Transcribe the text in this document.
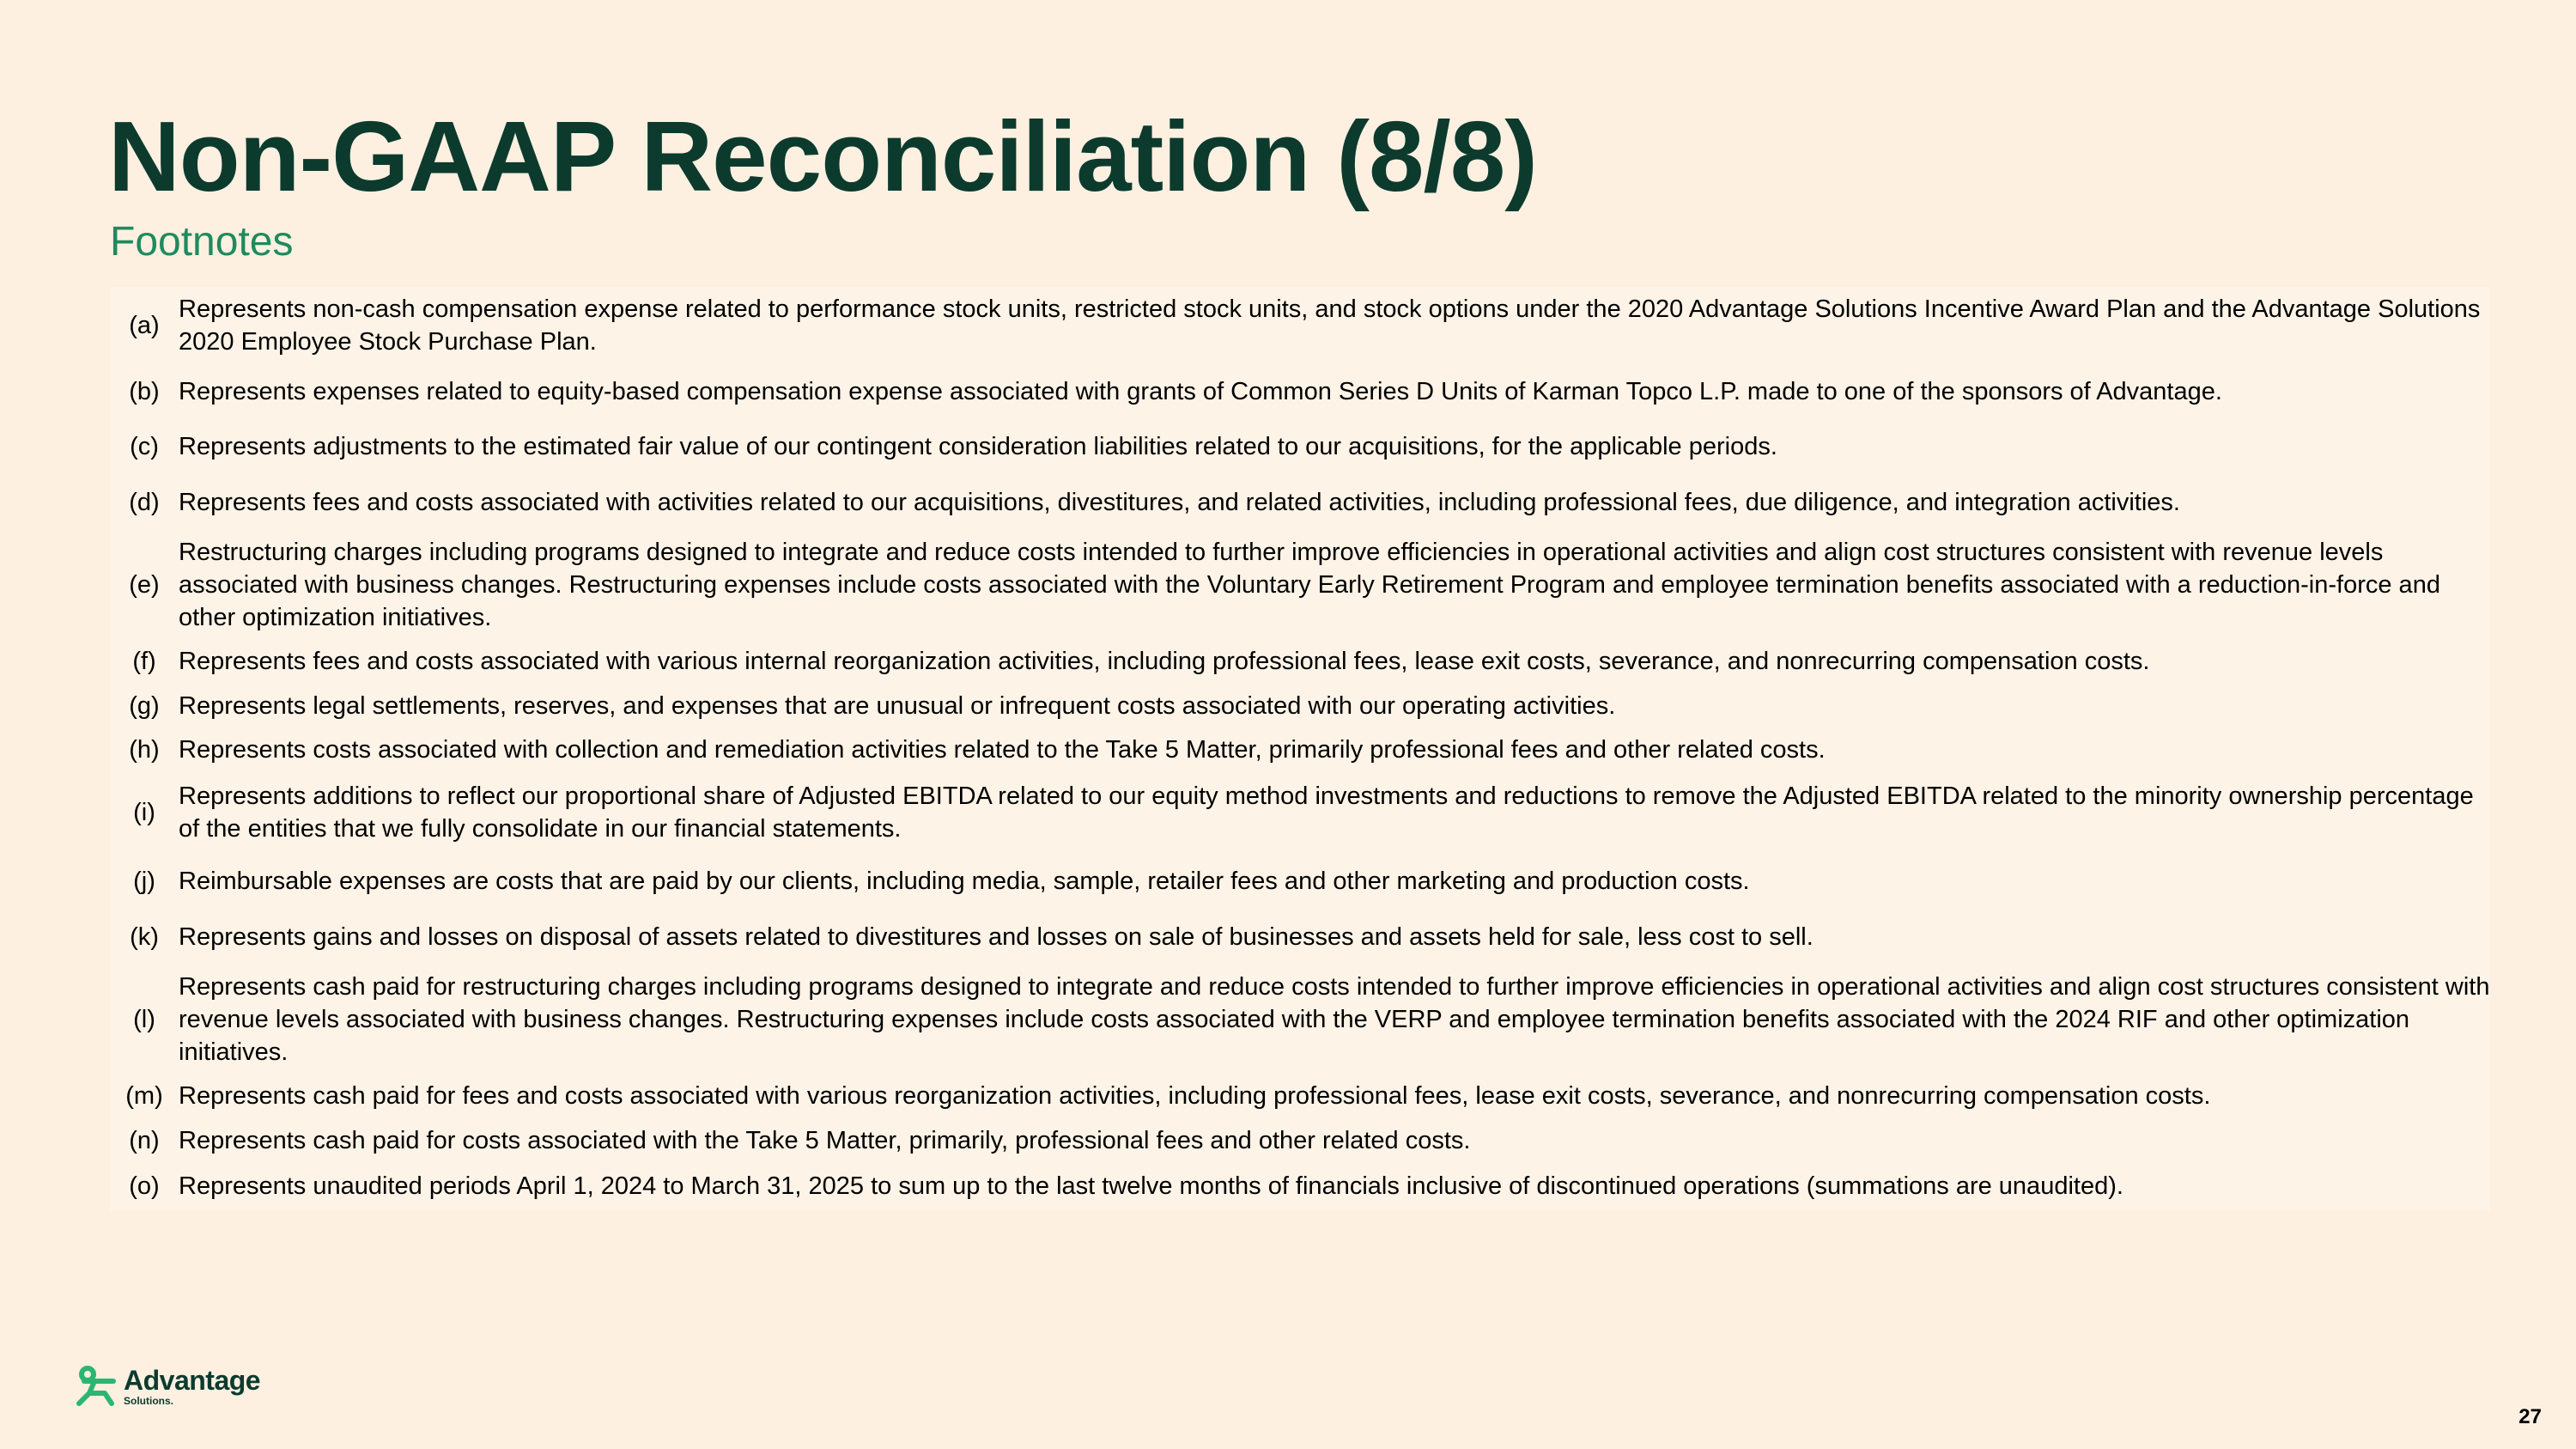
Non-GAAP Reconciliation (8/8)
Footnotes
(a)
Represents non-cash compensation expense related to performance stock units, restricted stock units, and stock options under the 2020 Advantage Solutions Incentive Award Plan and the Advantage Solutions 2020 Employee Stock Purchase Plan.
(b) Represents expenses related to equity-based compensation expense associated with grants of Common Series D Units of Karman Topco L.P. made to one of the sponsors of Advantage.
(c) Represents adjustments to the estimated fair value of our contingent consideration liabilities related to our acquisitions, for the applicable periods.
(d) Represents fees and costs associated with activities related to our acquisitions, divestitures, and related activities, including professional fees, due diligence, and integration activities.
(e)
Restructuring charges including programs designed to integrate and reduce costs intended to further improve efficiencies in operational activities and align cost structures consistent with revenue levels associated with business changes. Restructuring expenses include costs associated with the Voluntary Early Retirement Program and employee termination benefits associated with a reduction-in-force and other optimization initiatives.
(f) Represents fees and costs associated with various internal reorganization activities, including professional fees, lease exit costs, severance, and nonrecurring compensation costs.
(g) Represents legal settlements, reserves, and expenses that are unusual or infrequent costs associated with our operating activities.
(h) Represents costs associated with collection and remediation activities related to the Take 5 Matter, primarily professional fees and other related costs.
(i)
Represents additions to reflect our proportional share of Adjusted EBITDA related to our equity method investments and reductions to remove the Adjusted EBITDA related to the minority ownership percentage of the entities that we fully consolidate in our financial statements.
(j) Reimbursable expenses are costs that are paid by our clients, including media, sample, retailer fees and other marketing and production costs.
(k) Represents gains and losses on disposal of assets related to divestitures and losses on sale of businesses and assets held for sale, less cost to sell.
(l)
Represents cash paid for restructuring charges including programs designed to integrate and reduce costs intended to further improve efficiencies in operational activities and align cost structures consistent with revenue levels associated with business changes. Restructuring expenses include costs associated with the VERP and employee termination benefits associated with the 2024 RIF and other optimization initiatives.
(m) Represents cash paid for fees and costs associated with various reorganization activities, including professional fees, lease exit costs, severance, and nonrecurring compensation costs.
(n) Represents cash paid for costs associated with the Take 5 Matter, primarily, professional fees and other related costs.
(o) Represents unaudited periods April 1, 2024 to March 31, 2025 to sum up to the last twelve months of financials inclusive of discontinued operations (summations are unaudited).
Advantage
Solutions.
27
